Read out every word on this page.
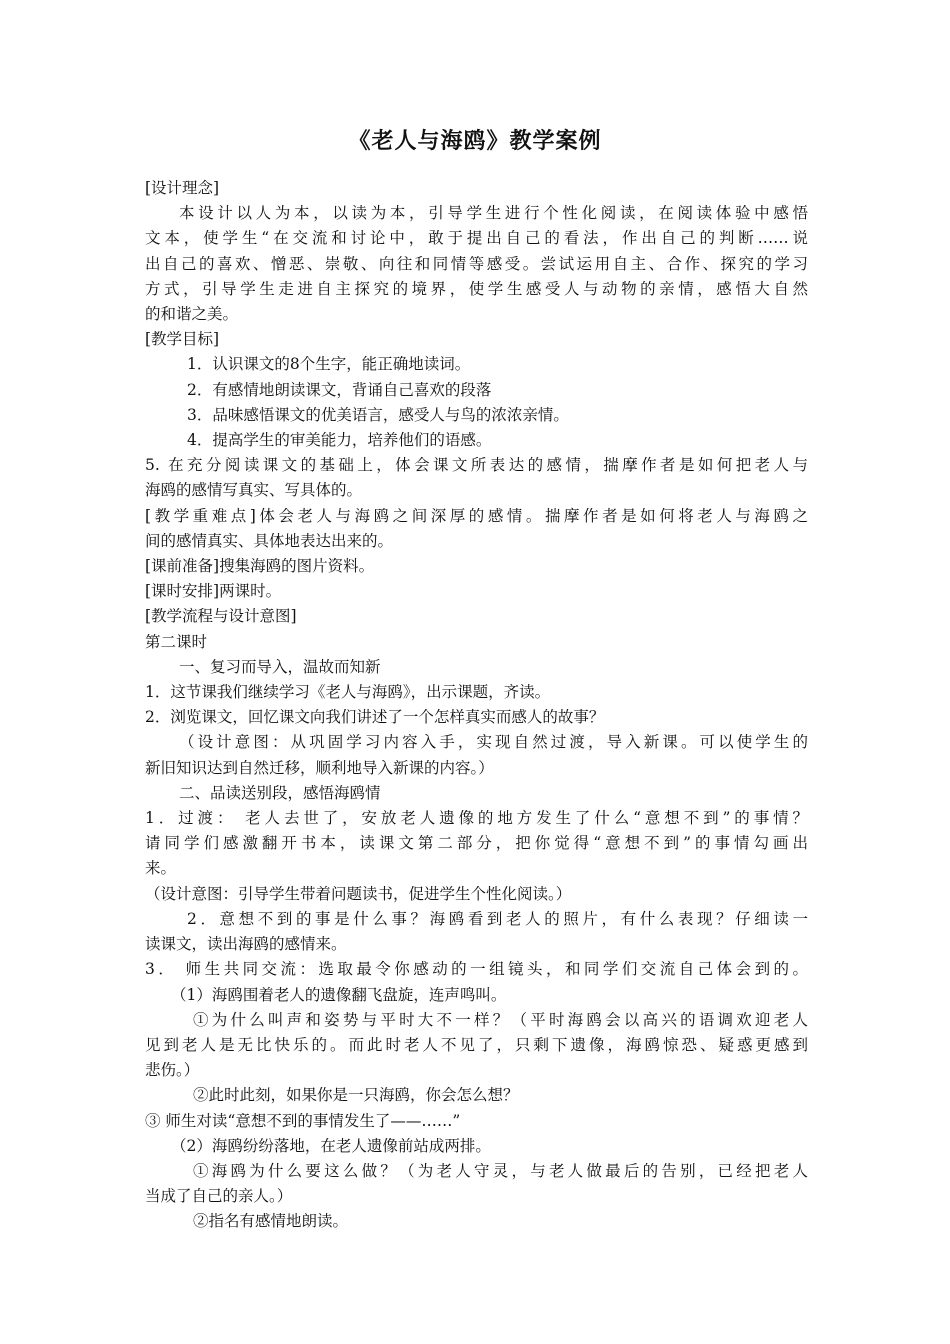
《老人与海鸥》教学案例
[设计理念]
本设计以人为本，以读为本，引导学生进行个性化阅读，在阅读体验中感悟
文本，使学生“在交流和讨论中，敢于提出自己的看法，作出自己的判断……说
出自己的喜欢、憎恶、崇敬、向往和同情等感受。尝试运用自主、合作、探究的学习
方式，引导学生走进自主探究的境界，使学生感受人与动物的亲情，感悟大自然
的和谐之美。
[教学目标]
1．认识课文的8个生字，能正确地读词。
2．有感情地朗读课文，背诵自己喜欢的段落
3．品味感悟课文的优美语言，感受人与鸟的浓浓亲情。
4．提高学生的审美能力，培养他们的语感。
5. 在充分阅读课文的基础上，体会课文所表达的感情，揣摩作者是如何把老人与
海鸥的感情写真实、写具体的。
[教学重难点]体会老人与海鸥之间深厚的感情。揣摩作者是如何将老人与海鸥之
间的感情真实、具体地表达出来的。
[课前准备]搜集海鸥的图片资料。
[课时安排]两课时。
[教学流程与设计意图]
第二课时
一、复习而导入，温故而知新
1．这节课我们继续学习《老人与海鸥》，出示课题，齐读。
2．浏览课文，回忆课文向我们讲述了一个怎样真实而感人的故事？
（设计意图：从巩固学习内容入手，实现自然过渡，导入新课。可以使学生的
新旧知识达到自然迁移，顺利地导入新课的内容。）
二、品读送别段，感悟海鸥情
1．过渡： 老人去世了，安放老人遗像的地方发生了什么“意想不到”的事情？
请同学们感激翻开书本，读课文第二部分，把你觉得“意想不到”的事情勾画出
来。
（设计意图：引导学生带着问题读书，促进学生个性化阅读。）
2．意想不到的事是什么事？海鸥看到老人的照片，有什么表现？仔细读一
读课文，读出海鸥的感情来。
3． 师生共同交流：选取最令你感动的一组镜头，和同学们交流自己体会到的。
（1）海鸥围着老人的遗像翻飞盘旋，连声鸣叫。
①为什么叫声和姿势与平时大不一样？（平时海鸥会以高兴的语调欢迎老人
见到老人是无比快乐的。而此时老人不见了，只剩下遗像，海鸥惊恐、疑惑更感到
悲伤。）
②此时此刻，如果你是一只海鸥，你会怎么想？
③ 师生对读“意想不到的事情发生了——……”
（2）海鸥纷纷落地，在老人遗像前站成两排。
①海鸥为什么要这么做？（为老人守灵，与老人做最后的告别，已经把老人
当成了自己的亲人。）
②指名有感情地朗读。
